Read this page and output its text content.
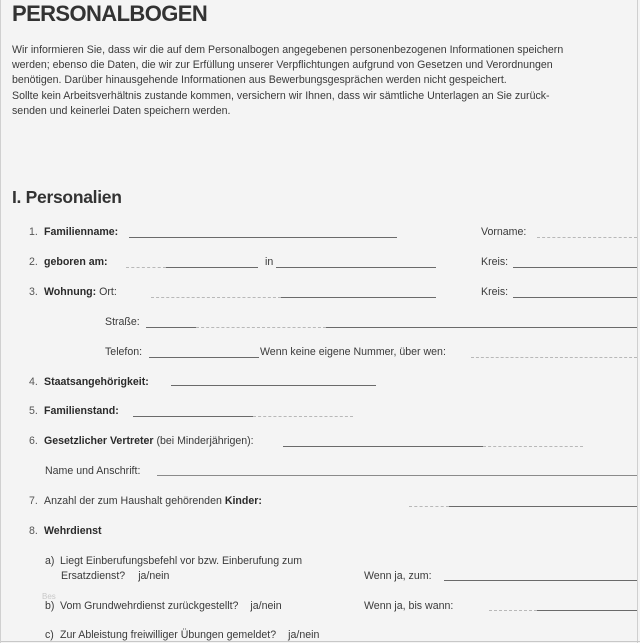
PERSONALBOGEN

Wir informieren Sie, dass wir die auf dem Personalbogen angegebenen personenbezogenen Informationen speichern

werden; ebenso die Daten, die wir zur Erfüllung unserer Verpflichtungen aufgrund von Gesetzen und Verordnungen

benötigen. Darüber hinausgehende Informationen aus Bewerbungsgesprächen werden nicht gespeichert.

Sollte kein Arbeitsverhältnis zustande kommen, versichern wir Ihnen, dass wir sämtliche Unterlagen an Sie zurück-

senden und keinerlei Daten speichern werden.

I. Personalien
1. Familienname:	Vorname:
2. geboren am:	in	Kreis:
3. Wohnung: Ort:	Kreis:
Straße:
Telefon:	Wenn keine eigene Nummer, über wen:
4. Staatsangehörigkeit:
5. Familienstand:
6. Gesetzlicher Vertreter (bei Minderjährigen):
Name und Anschrift:
7. Anzahl der zum Haushalt gehörenden Kinder:
8. Wehrdienst
a) Liegt Einberufungsbefehl vor bzw. Einberufung zum
Ersatzdienst? ja/nein	Wenn ja, zum:
Bes
b) Vom Grundwehrdienst zurückgestellt? ja/nein	Wenn ja, bis wann:
c) Zur Ableistung freiwilliger Übungen gemeldet? ja/nein
